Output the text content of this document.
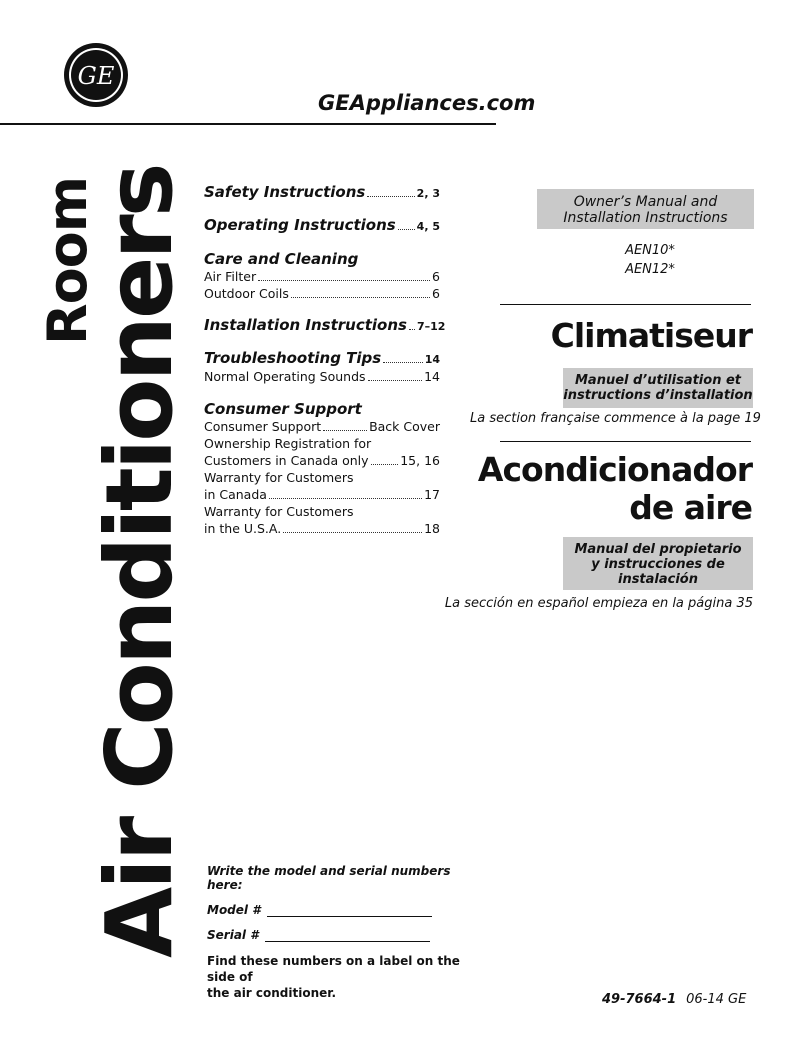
GE
GEAppliances.com
Room
Air Conditioners Safety Instructions	2, 3
Operating Instructions 4, 5
Care and Cleaning
Air Filter	6
Outdoor Coils	6
Installation Instructions 7–12
Troubleshooting Tips	14
Normal Operating Sounds	14
Consumer Support
Consumer Support	Back Cover
Ownership Registration for
Customers in Canada only	15, 16
Warranty for Customers
in Canada	17
Warranty for Customers
in the U.S.A.	18
Owner’s Manual and
Installation Instructions
AEN10*
AEN12*
Climatiseur
Manuel d’utilisation et
instructions d’installation
La section française commence à la page 19
Acondicionador
de aire
Manual del propietario
y instrucciones de
instalación
La sección en español empieza en la página 35
Write the model and serial numbers here:
Model #
Serial #
Find these numbers on a label on the side of
the air conditioner.	49-7664-1 06-14 GE
